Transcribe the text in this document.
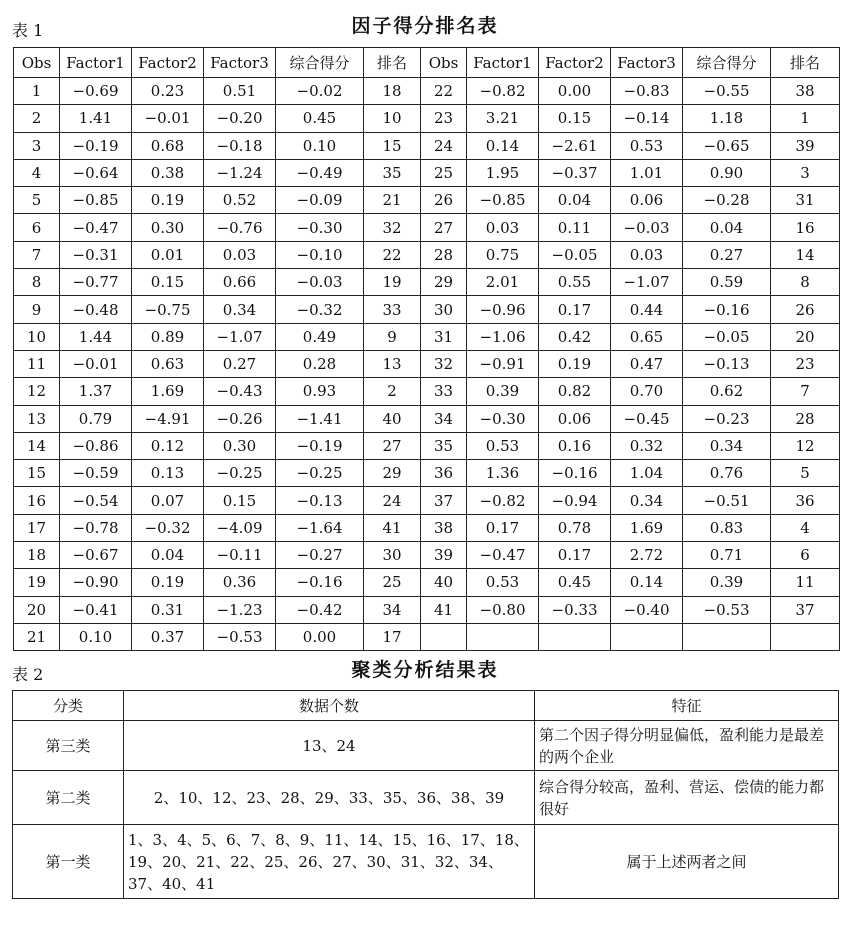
表 1	因子得分排名表
Obs	Factor1	Factor2	Factor3	综合得分	排名	Obs	Factor1	Factor2	Factor3	综合得分	排名
1	−0.69	0.23	0.51	−0.02	18	22	−0.82	0.00	−0.83	−0.55	38
2	1.41	−0.01	−0.20	0.45	10	23	3.21	0.15	−0.14	1.18	1
3	−0.19	0.68	−0.18	0.10	15	24	0.14	−2.61	0.53	−0.65	39
4	−0.64	0.38	−1.24	−0.49	35	25	1.95	−0.37	1.01	0.90	3
5	−0.85	0.19	0.52	−0.09	21	26	−0.85	0.04	0.06	−0.28	31
6	−0.47	0.30	−0.76	−0.30	32	27	0.03	0.11	−0.03	0.04	16
7	−0.31	0.01	0.03	−0.10	22	28	0.75	−0.05	0.03	0.27	14
8	−0.77	0.15	0.66	−0.03	19	29	2.01	0.55	−1.07	0.59	8
9	−0.48	−0.75	0.34	−0.32	33	30	−0.96	0.17	0.44	−0.16	26
10	1.44	0.89	−1.07	0.49	9	31	−1.06	0.42	0.65	−0.05	20
11	−0.01	0.63	0.27	0.28	13	32	−0.91	0.19	0.47	−0.13	23
12	1.37	1.69	−0.43	0.93	2	33	0.39	0.82	0.70	0.62	7
13	0.79	−4.91	−0.26	−1.41	40	34	−0.30	0.06	−0.45	−0.23	28
14	−0.86	0.12	0.30	−0.19	27	35	0.53	0.16	0.32	0.34	12
15	−0.59	0.13	−0.25	−0.25	29	36	1.36	−0.16	1.04	0.76	5
16	−0.54	0.07	0.15	−0.13	24	37	−0.82	−0.94	0.34	−0.51	36
17	−0.78	−0.32	−4.09	−1.64	41	38	0.17	0.78	1.69	0.83	4
18	−0.67	0.04	−0.11	−0.27	30	39	−0.47	0.17	2.72	0.71	6
19	−0.90	0.19	0.36	−0.16	25	40	0.53	0.45	0.14	0.39	11
20	−0.41	0.31	−1.23	−0.42	34	41	−0.80	−0.33	−0.40	−0.53	37
21	0.10	0.37	−0.53	0.00	17						
表 2	聚类分析结果表
分类	数据个数	特征
第三类	13、24	第二个因子得分明显偏低，盈利能力是最差的两个企业
第二类	2、10、12、23、28、29、33、35、36、38、39	综合得分较高，盈利、营运、偿债的能力都很好
第一类	1、3、4、5、6、7、8、9、11、14、15、16、17、18、19、20、21、22、25、26、27、30、31、32、34、37、40、41	属于上述两者之间
